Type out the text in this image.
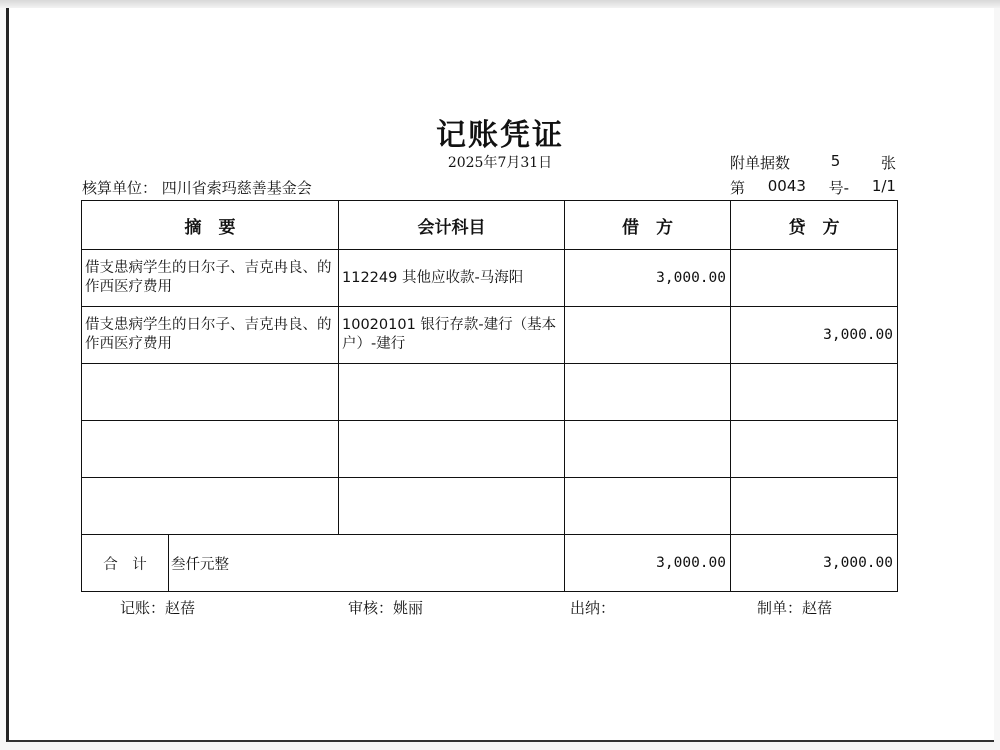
记账凭证
2025年7月31日	附单据数	5	张
核算单位： 四川省索玛慈善基金会	第 0043 号- 1/1
摘　要		会计科目	借　方	贷　方
借支患病学生的日尔子、吉克冉良、的作西医疗费用		112249 其他应收款-马海阳	3,000.00	
借支患病学生的日尔子、吉克冉良、的作西医疗费用		10020101 银行存款-建行（基本户）-建行		3,000.00

合　计	叁仟元整		3,000.00	3,000.00
记账：赵蓓	审核：姚丽	出纳：	制单：赵蓓
